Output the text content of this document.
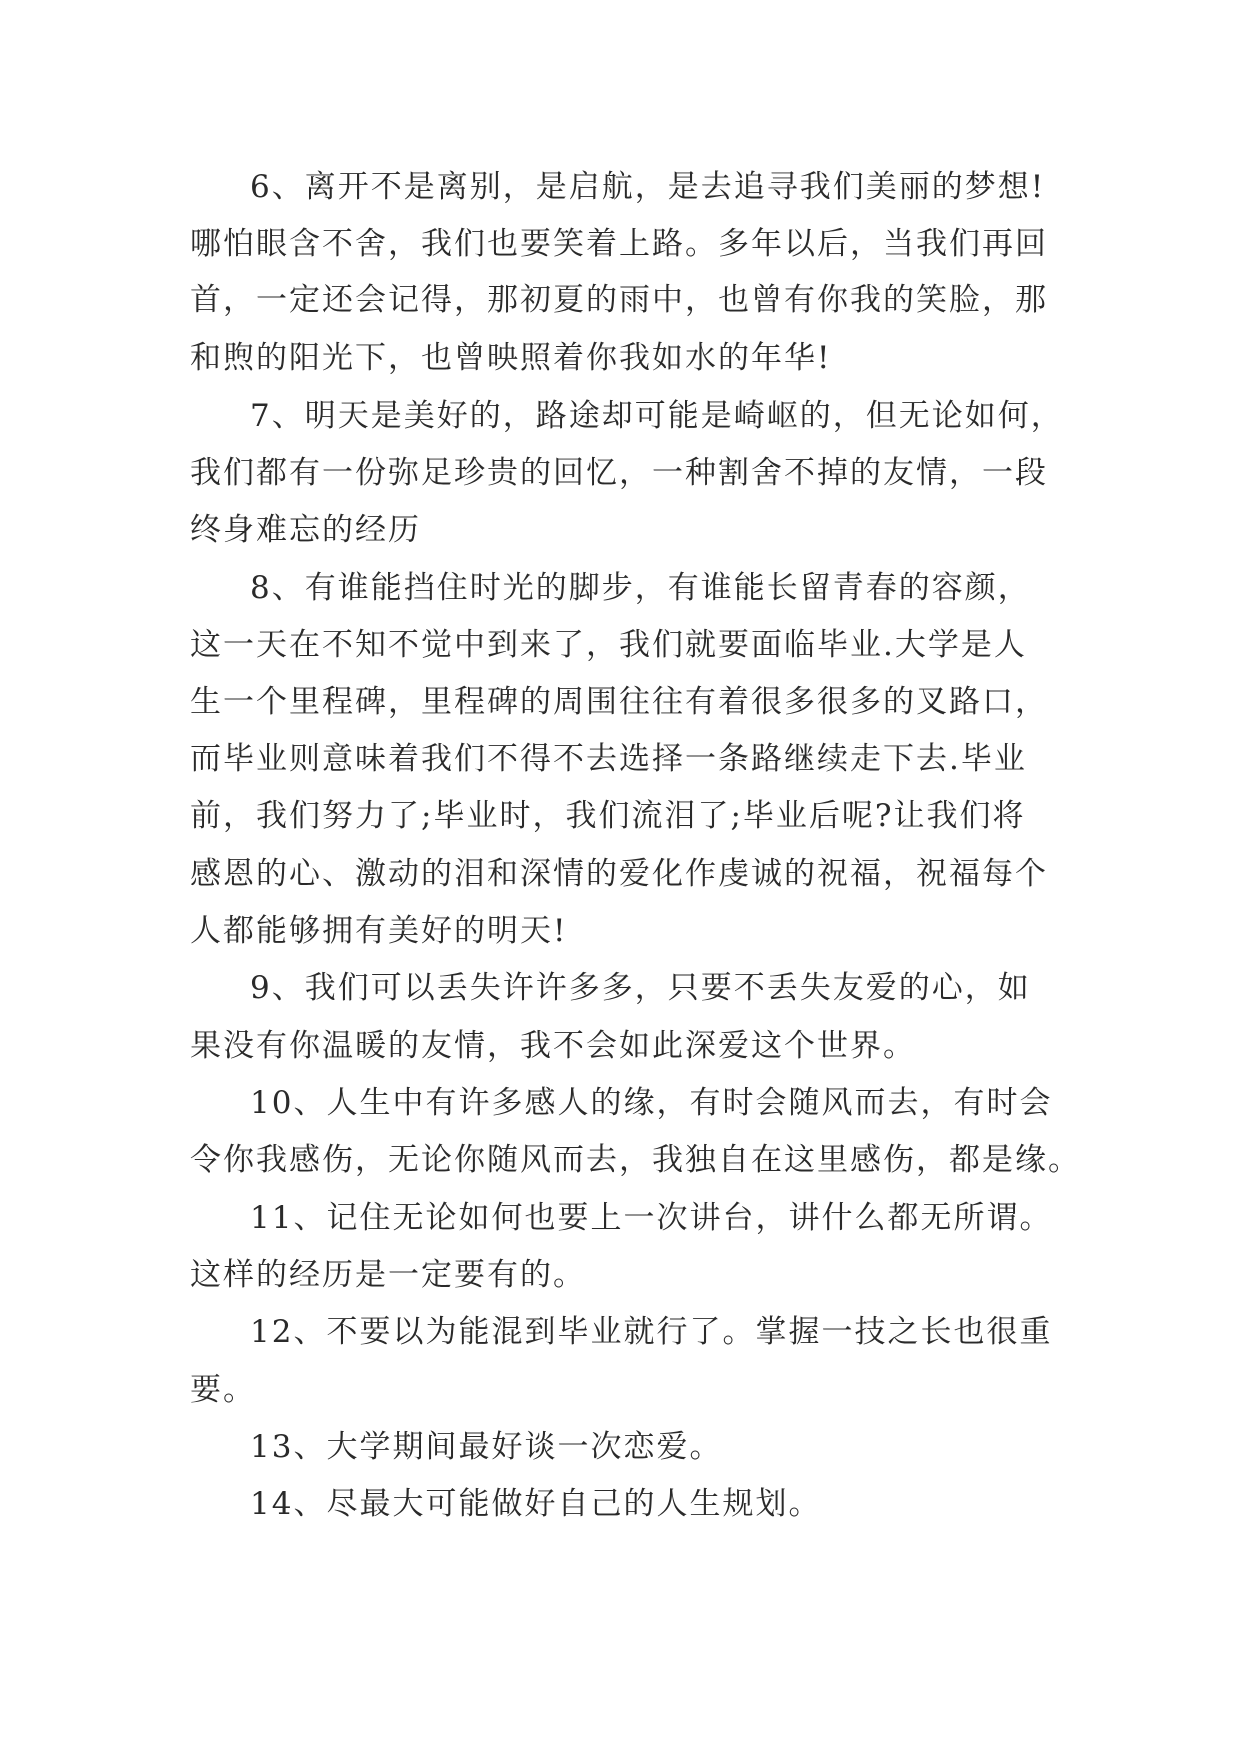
6、离开不是离别，是启航，是去追寻我们美丽的梦想!

哪怕眼含不舍，我们也要笑着上路。多年以后，当我们再回

首，一定还会记得，那初夏的雨中，也曾有你我的笑脸，那

和煦的阳光下，也曾映照着你我如水的年华!

7、明天是美好的，路途却可能是崎岖的，但无论如何，

我们都有一份弥足珍贵的回忆，一种割舍不掉的友情，一段

终身难忘的经历

8、有谁能挡住时光的脚步，有谁能长留青春的容颜，

这一天在不知不觉中到来了，我们就要面临毕业.大学是人

生一个里程碑，里程碑的周围往往有着很多很多的叉路口，

而毕业则意味着我们不得不去选择一条路继续走下去.毕业

前，我们努力了;毕业时，我们流泪了;毕业后呢?让我们将

感恩的心、激动的泪和深情的爱化作虔诚的祝福，祝福每个

人都能够拥有美好的明天!

9、我们可以丢失许许多多，只要不丢失友爱的心，如

果没有你温暖的友情，我不会如此深爱这个世界。

10、人生中有许多感人的缘，有时会随风而去，有时会

令你我感伤，无论你随风而去，我独自在这里感伤，都是缘。

11、记住无论如何也要上一次讲台，讲什么都无所谓。

这样的经历是一定要有的。

12、不要以为能混到毕业就行了。掌握一技之长也很重

要。

13、大学期间最好谈一次恋爱。

14、尽最大可能做好自己的人生规划。
